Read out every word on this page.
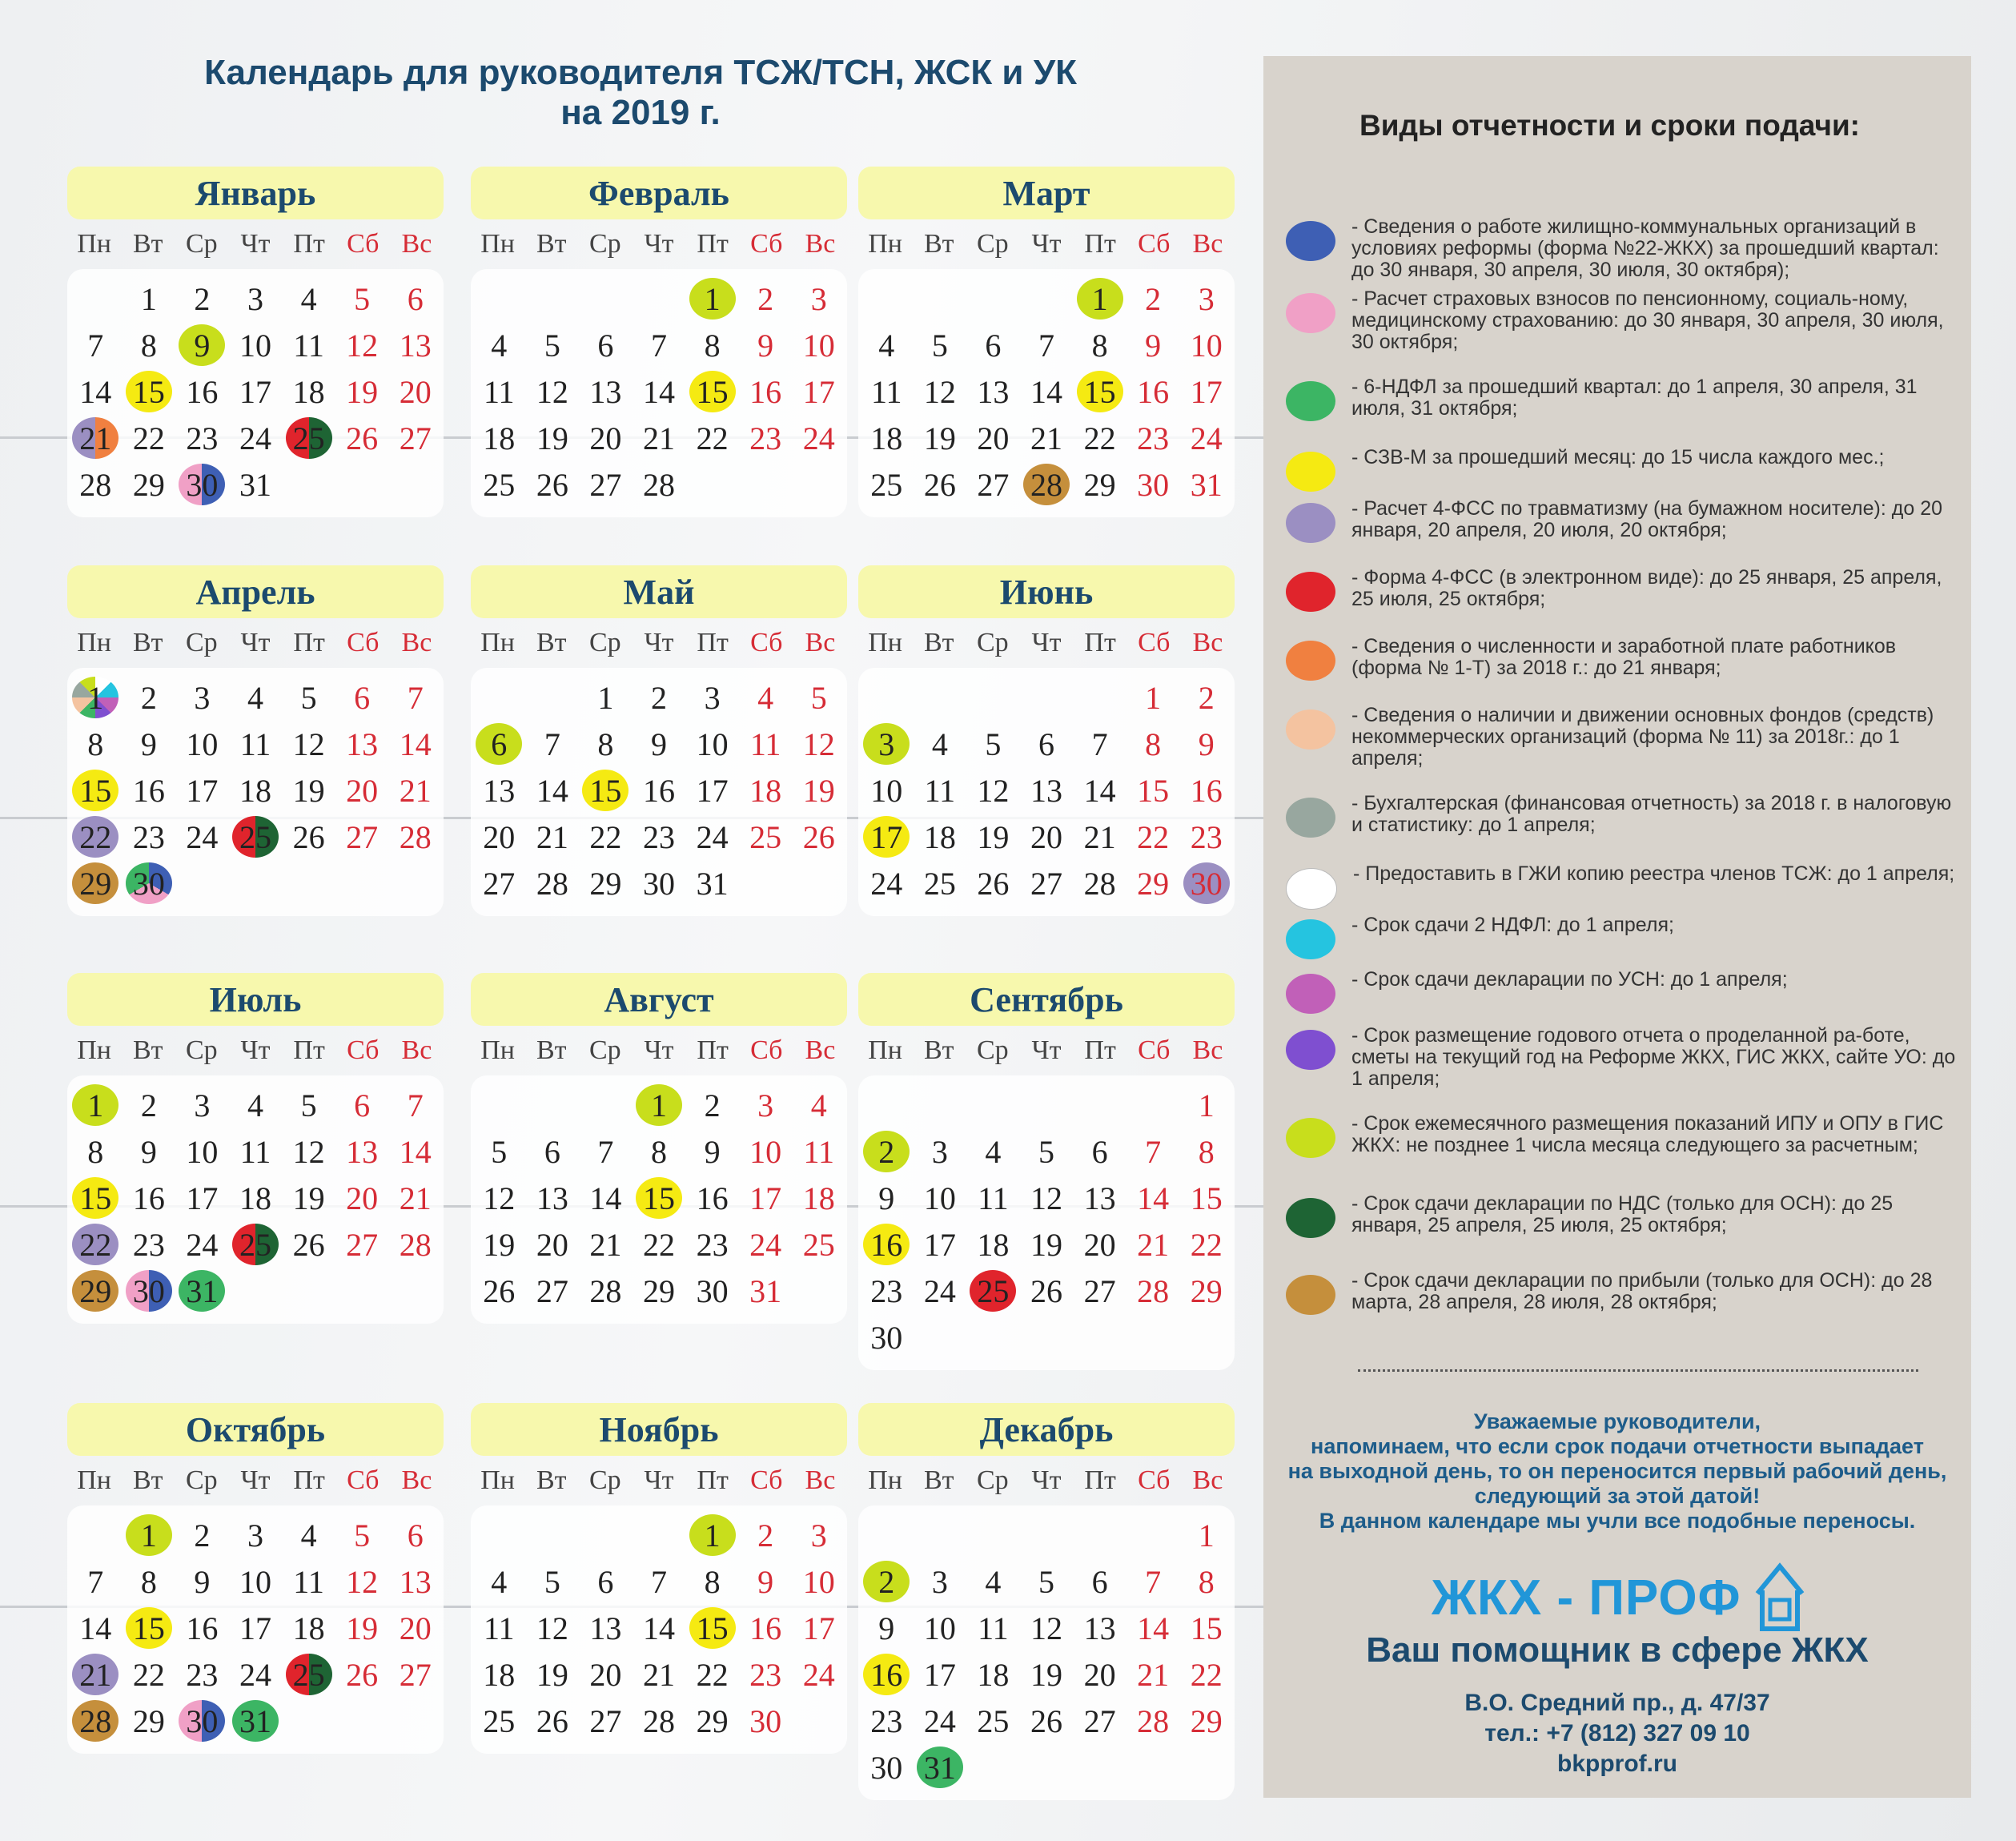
Календарь для руководителя ТСЖ/ТСН, ЖСК и УК
на 2019 г.
Январь
Пн Вт Ср Чт Пт Сб Вс
1 2 3 4 5 6
7 8 9 10 11 12 13
14 15 16 17 18 19 20
21 22 23 24 25 26 27
28 29 30 31
Февраль
Пн Вт Ср Чт Пт Сб Вс
1 2 3
4 5 6 7 8 9 10
11 12 13 14 15 16 17
18 19 20 21 22 23 24
25 26 27 28
Март
Пн Вт Ср Чт Пт Сб Вс
1 2 3
4 5 6 7 8 9 10
11 12 13 14 15 16 17
18 19 20 21 22 23 24
25 26 27 28 29 30 31
Апрель
Пн Вт Ср Чт Пт Сб Вс
1 2 3 4 5 6 7
8 9 10 11 12 13 14
15 16 17 18 19 20 21
22 23 24 25 26 27 28
29 30
Май
Пн Вт Ср Чт Пт Сб Вс
1 2 3 4 5
6 7 8 9 10 11 12
13 14 15 16 17 18 19
20 21 22 23 24 25 26
27 28 29 30 31
Июнь
Пн Вт Ср Чт Пт Сб Вс
1 2
3 4 5 6 7 8 9
10 11 12 13 14 15 16
17 18 19 20 21 22 23
24 25 26 27 28 29 30
Июль
Пн Вт Ср Чт Пт Сб Вс
1 2 3 4 5 6 7
8 9 10 11 12 13 14
15 16 17 18 19 20 21
22 23 24 25 26 27 28
29 30 31
Август
Пн Вт Ср Чт Пт Сб Вс
1 2 3 4
5 6 7 8 9 10 11
12 13 14 15 16 17 18
19 20 21 22 23 24 25
26 27 28 29 30 31
Сентябрь
Пн Вт Ср Чт Пт Сб Вс
1
2 3 4 5 6 7 8
9 10 11 12 13 14 15
16 17 18 19 20 21 22
23 24 25 26 27 28 29
30
Октябрь
Пн Вт Ср Чт Пт Сб Вс
1 2 3 4 5 6
7 8 9 10 11 12 13
14 15 16 17 18 19 20
21 22 23 24 25 26 27
28 29 30 31
Ноябрь
Пн Вт Ср Чт Пт Сб Вс
1 2 3
4 5 6 7 8 9 10
11 12 13 14 15 16 17
18 19 20 21 22 23 24
25 26 27 28 29 30
Декабрь
Пн Вт Ср Чт Пт Сб Вс
1
2 3 4 5 6 7 8
9 10 11 12 13 14 15
16 17 18 19 20 21 22
23 24 25 26 27 28 29
30 31
Виды отчетности и сроки подачи:
- Сведения о работе жилищно-коммунальных организаций в условиях реформы (форма №22-ЖКХ) за прошедший квартал: до 30 января, 30 апреля, 30 июля, 30 октября);
- Расчет страховых взносов по пенсионному, социаль-ному, медицинскому страхованию: до 30 января, 30 апреля, 30 июля, 30 октября;
- 6-НДФЛ за прошедший квартал: до 1 апреля, 30 апреля, 31 июля, 31 октября;
- СЗВ-М за прошедший месяц: до 15 числа каждого мес.;
- Расчет 4-ФСС по травматизму (на бумажном носителе): до 20 января, 20 апреля, 20 июля, 20 октября;
- Форма 4-ФСС (в электронном виде): до 25 января, 25 апреля, 25 июля, 25 октября;
- Сведения о численности и заработной плате работников (форма № 1-Т) за 2018 г.: до 21 января;
- Сведения о наличии и движении основных фондов (средств) некоммерческих организаций (форма № 11) за 2018г.: до 1 апреля;
- Бухгалтерская (финансовая отчетность) за 2018 г. в налоговую и статистику: до 1 апреля;
- Предоставить в ГЖИ копию реестра членов ТСЖ: до 1 апреля;
- Срок сдачи 2 НДФЛ: до 1 апреля;
- Срок сдачи декларации по УСН: до 1 апреля;
- Срок размещение годового отчета о проделанной ра-боте, сметы на текущий год на Реформе ЖКХ, ГИС ЖКХ, сайте УО: до 1 апреля;
- Срок ежемесячного размещения показаний ИПУ и ОПУ в ГИС ЖКХ: не позднее 1 числа месяца следующего за расчетным;
- Срок сдачи декларации по НДС (только для ОСН): до 25 января, 25 апреля, 25 июля, 25 октября;
- Срок сдачи декларации по прибыли (только для ОСН): до 28 марта, 28 апреля, 28 июля, 28 октября;
Уважаемые руководители,
напоминаем, что если срок подачи отчетности выпадает
на выходной день, то он переносится первый рабочий день,
следующий за этой датой!
В данном календаре мы учли все подобные переносы.
ЖКХ - ПРОФ
Ваш помощник в сфере ЖКХ
В.О. Средний пр., д. 47/37
тел.: +7 (812) 327 09 10
bkpprof.ru
